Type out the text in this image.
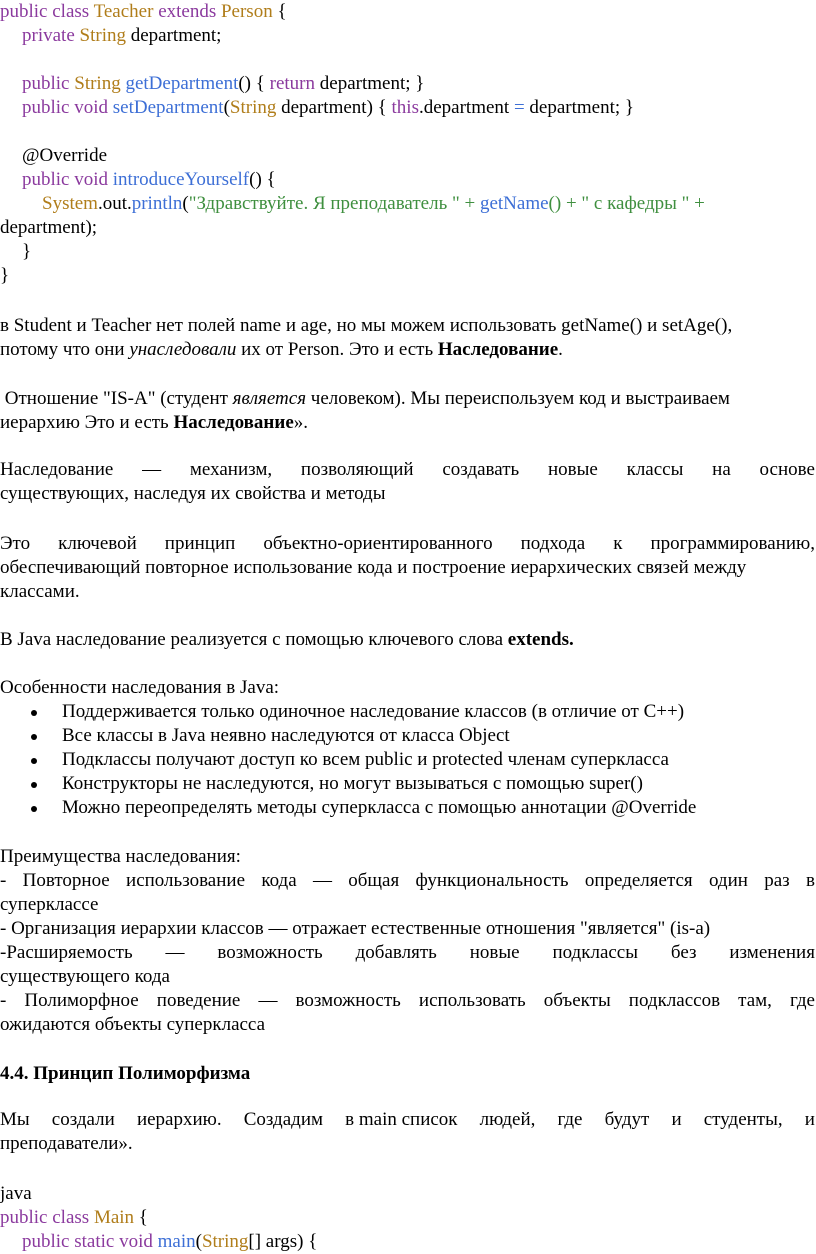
public class Teacher extends Person {
private String department;
public String getDepartment() { return department; }
public void setDepartment(String department) { this.department = department; }
@Override
public void introduceYourself() {
System.out.println("Здравствуйте. Я преподаватель " + getName() + " с кафедры " +
department);
}
}
в Student и Teacher нет полей name и age, но мы можем использовать getName() и setAge(),
потому что они унаследовали их от Person. Это и есть Наследование.
Отношение "IS-A" (студент является человеком). Мы переиспользуем код и выстраиваем
иерархию Это и есть Наследование».
Наследование — механизм, позволяющий создавать новые классы на основе
существующих, наследуя их свойства и методы
Это ключевой принцип объектно-ориентированного подхода к программированию,
обеспечивающий повторное использование кода и построение иерархических связей между
классами.
В Java наследование реализуется с помощью ключевого слова extends.
Особенности наследования в Java:
Поддерживается только одиночное наследование классов (в отличие от C++)
Все классы в Java неявно наследуются от класса Object
Подклассы получают доступ ко всем public и protected членам суперкласса
Конструкторы не наследуются, но могут вызываться с помощью super()
Можно переопределять методы суперкласса с помощью аннотации @Override
Преимущества наследования:
- Повторное использование кода — общая функциональность определяется один раз в
суперклассе
- Организация иерархии классов — отражает естественные отношения "является" (is-a)
-Расширяемость — возможность добавлять новые подклассы без изменения
существующего кода
- Полиморфное поведение — возможность использовать объекты подклассов там, где
ожидаются объекты суперкласса
4.4. Принцип Полиморфизма
Мы создали иерархию. Создадим в main список людей, где будут и студенты, и
преподаватели».
java
public class Main {
public static void main(String[] args) {
